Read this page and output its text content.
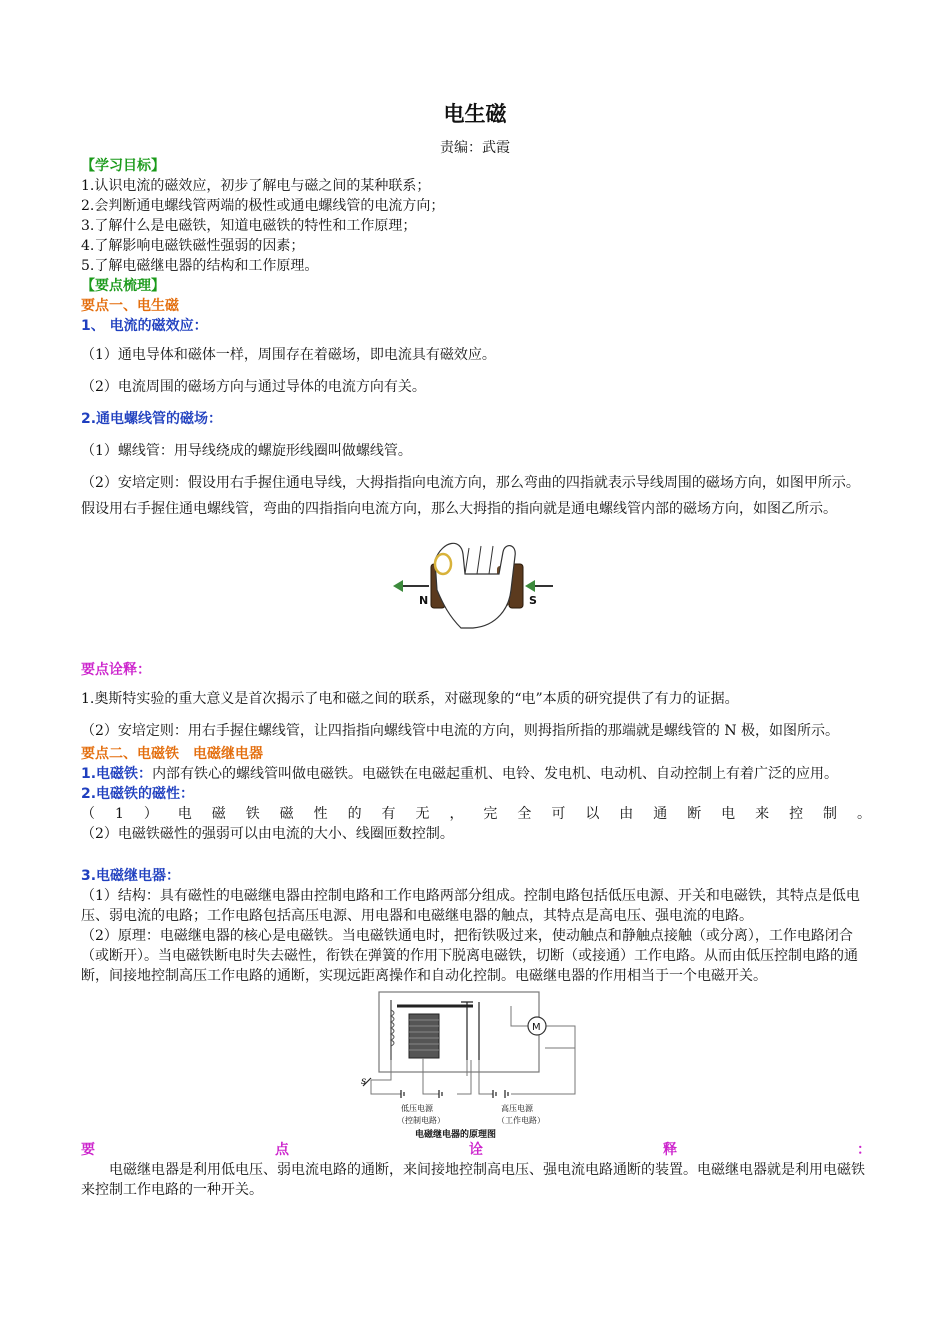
电生磁
责编：武霞

【学习目标】

1.认识电流的磁效应，初步了解电与磁之间的某种联系；

2.会判断通电螺线管两端的极性或通电螺线管的电流方向；

3.了解什么是电磁铁，知道电磁铁的特性和工作原理；

4.了解影响电磁铁磁性强弱的因素；

5.了解电磁继电器的结构和工作原理。

【要点梳理】

要点一、电生磁

1、 电流的磁效应：

（1）通电导体和磁体一样，周围存在着磁场，即电流具有磁效应。

（2）电流周围的磁场方向与通过导体的电流方向有关。

2.通电螺线管的磁场：

（1）螺线管：用导线绕成的螺旋形线圈叫做螺线管。

（2）安培定则：假设用右手握住通电导线，大拇指指向电流方向，那么弯曲的四指就表示导线周围的磁场方向，如图甲所示。假设用右手握住通电螺线管，弯曲的四指指向电流方向，那么大拇指的指向就是通电螺线管内部的磁场方向，如图乙所示。

N	S

要点诠释：

1.奥斯特实验的重大意义是首次揭示了电和磁之间的联系，对磁现象的“电”本质的研究提供了有力的证据。

（2）安培定则：用右手握住螺线管，让四指指向螺线管中电流的方向，则拇指所指的那端就是螺线管的 N 极，如图所示。

要点二、电磁铁　电磁继电器

1.电磁铁：内部有铁心的螺线管叫做电磁铁。电磁铁在电磁起重机、电铃、发电机、电动机、自动控制上有着广泛的应用。

2.电磁铁的磁性：

（1）电磁铁磁性的有无，完全可以由通断电来控制。

（2）电磁铁磁性的强弱可以由电流的大小、线圈匝数控制。

3.电磁继电器：

（1）结构：具有磁性的电磁继电器由控制电路和工作电路两部分组成。控制电路包括低压电源、开关和电磁铁，其特点是低电压、弱电流的电路；工作电路包括高压电源、用电器和电磁继电器的触点，其特点是高电压、强电流的电路。

（2）原理：电磁继电器的核心是电磁铁。当电磁铁通电时，把衔铁吸过来，使动触点和静触点接触（或分离），工作电路闭合（或断开）。当电磁铁断电时失去磁性，衔铁在弹簧的作用下脱离电磁铁，切断（或接通）工作电路。从而由低压控制电路的通断，间接地控制高压工作电路的通断，实现远距离操作和自动化控制。电磁继电器的作用相当于一个电磁开关。

M
s
低压电源
（控制电路）
高压电源
（工作电路）
电磁继电器的原理图

要点诠释：

电磁继电器是利用低电压、弱电流电路的通断，来间接地控制高电压、强电流电路通断的装置。电磁继电器就是利用电磁铁来控制工作电路的一种开关。
